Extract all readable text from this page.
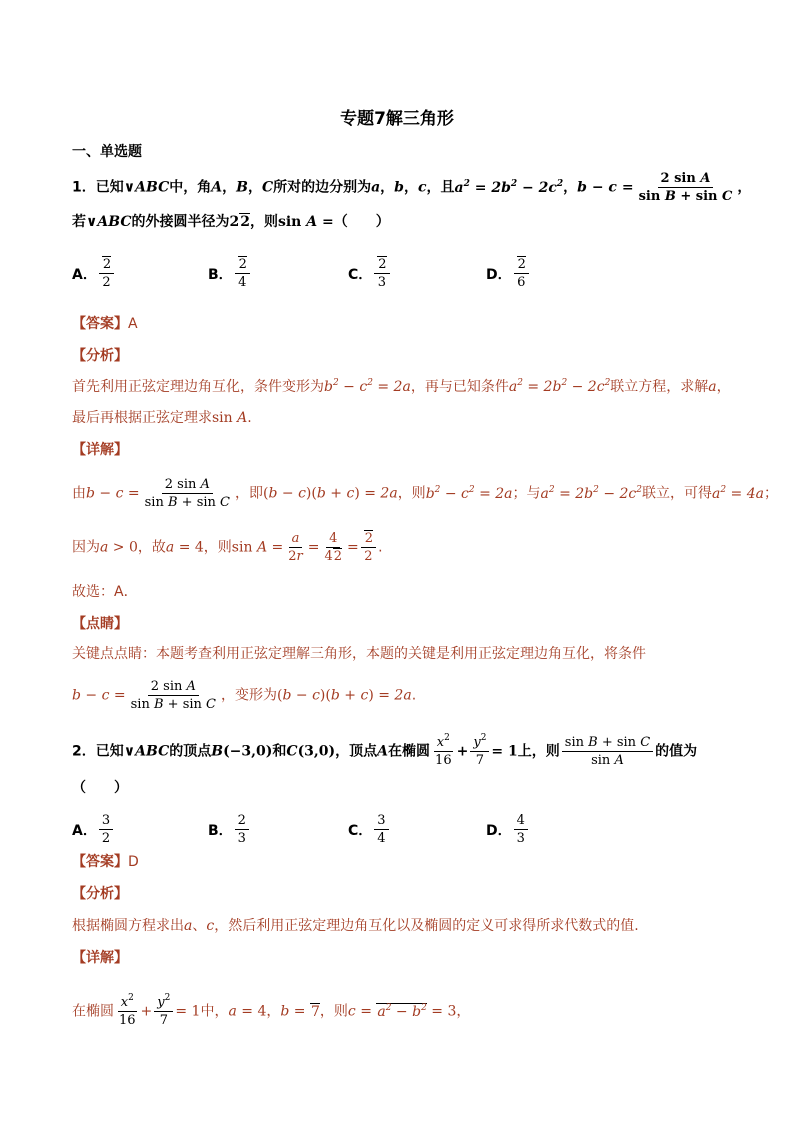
专题7解三角形
一、单选题
1．已知∨ABC中，角A，B，C所对的边分别为a，b，c，且$a^2 = 2b^2 - 2c^2$，$b - c = \frac{\text{2 sin A}}{\text{sin B + sin C}}$ ，
若∨ABC的外接圆半径为22，则sin A =（　　）
A． $\frac{2}{2}$	B． $\frac{2}{4}$	C． $\frac{2}{3}$	D． $\frac{2}{6}$
【答案】A
【分析】
首先利用正弦定理边角互化，条件变形为$b^2 - c^2 = 2a$，再与已知条件$a^2 = 2b^2 - 2c^2$联立方程，求解a，
最后再根据正弦定理求sin A.
【详解】
由$b - c = \frac{\text{2 sin A}}{\text{sin B + sin C}}$ ，即(b − c)(b + c) = 2a，则$b^2 - c^2 = 2a$；与$a^2 = 2b^2 - 2c^2$联立，可得$a^2 = 4a$；
因为a > 0，故a = 4，则$\sin A = \frac{a}{2r} = \frac{4}{42} = \frac{2}{2}$ .
故选：A．
【点睛】
关键点点睛：本题考查利用正弦定理解三角形，本题的关键是利用正弦定理边角互化，将条件
$b - c = \frac{\text{2 sin A}}{\text{sin B + sin C}}$ ，变形为(b − c)(b + c) = 2a.
2．已知∨ABC的顶点B(−3,0)和C(3,0)，顶点A在椭圆 $\frac{x^2}{16} + \frac{y^2}{7} = 1$上，则 $\frac{\text{sin B + sin C}}{\text{sin A}}$ 的值为
（　　）
A． $\frac{3}{2}$	B． $\frac{2}{3}$	C． $\frac{3}{4}$	D． $\frac{4}{3}$
【答案】D
【分析】
根据椭圆方程求出a、c，然后利用正弦定理边角互化以及椭圆的定义可求得所求代数式的值.
【详解】
在椭圆 $\frac{x^2}{16} + \frac{y^2}{7} = 1$中，a = 4，b = 7，则$c = a^2 - b^2 = 3$，
